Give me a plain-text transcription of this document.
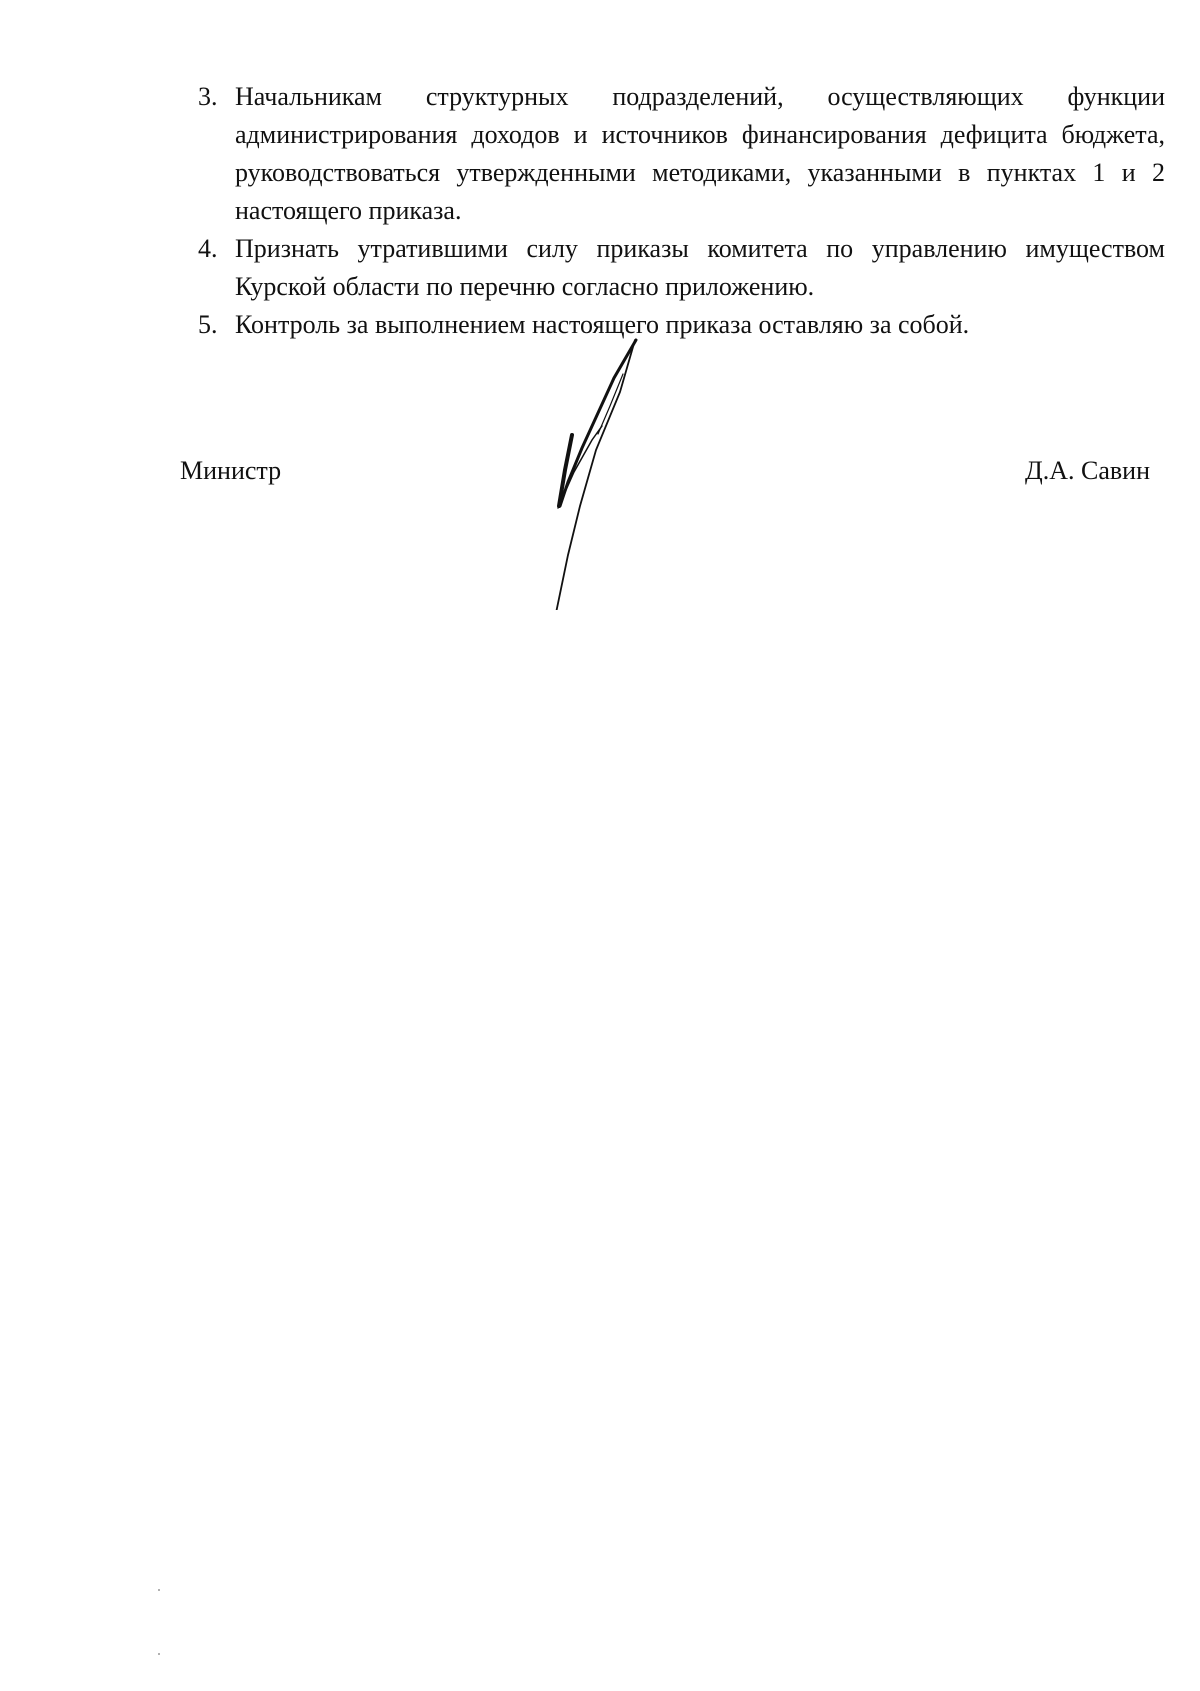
3. Начальникам структурных подразделений, осуществляющих функции администрирования доходов и источников финансирования дефицита бюджета, руководствоваться утвержденными методиками, указанными в пунктах 1 и 2 настоящего приказа.
4. Признать утратившими силу приказы комитета по управлению имуществом Курской области по перечню согласно приложению.
5. Контроль за выполнением настоящего приказа оставляю за собой.
Министр	Д.А. Савин
